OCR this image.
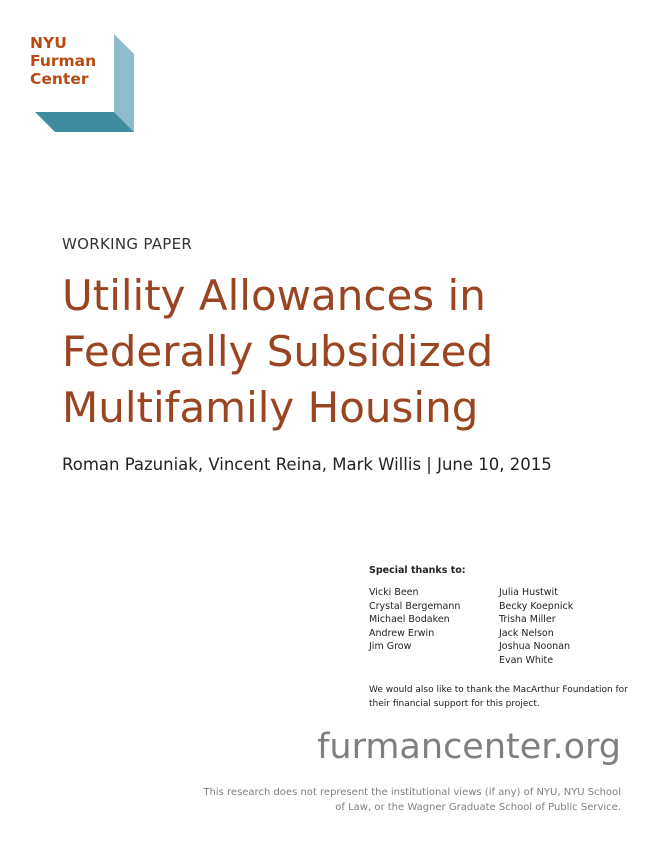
NYU
Furman
Center
WORKING PAPER
Utility Allowances in
Federally Subsidized
Multifamily Housing
Roman Pazuniak, Vincent Reina, Mark Willis | June 10, 2015
Special thanks to:
Vicki Been
Crystal Bergemann
Michael Bodaken
Andrew Erwin
Jim Grow
Julia Hustwit
Becky Koepnick
Trisha Miller
Jack Nelson
Joshua Noonan
Evan White
We would also like to thank the MacArthur Foundation for their financial support for this project.
furmancenter.org
This research does not represent the institutional views (if any) of NYU, NYU School of Law, or the Wagner Graduate School of Public Service.
